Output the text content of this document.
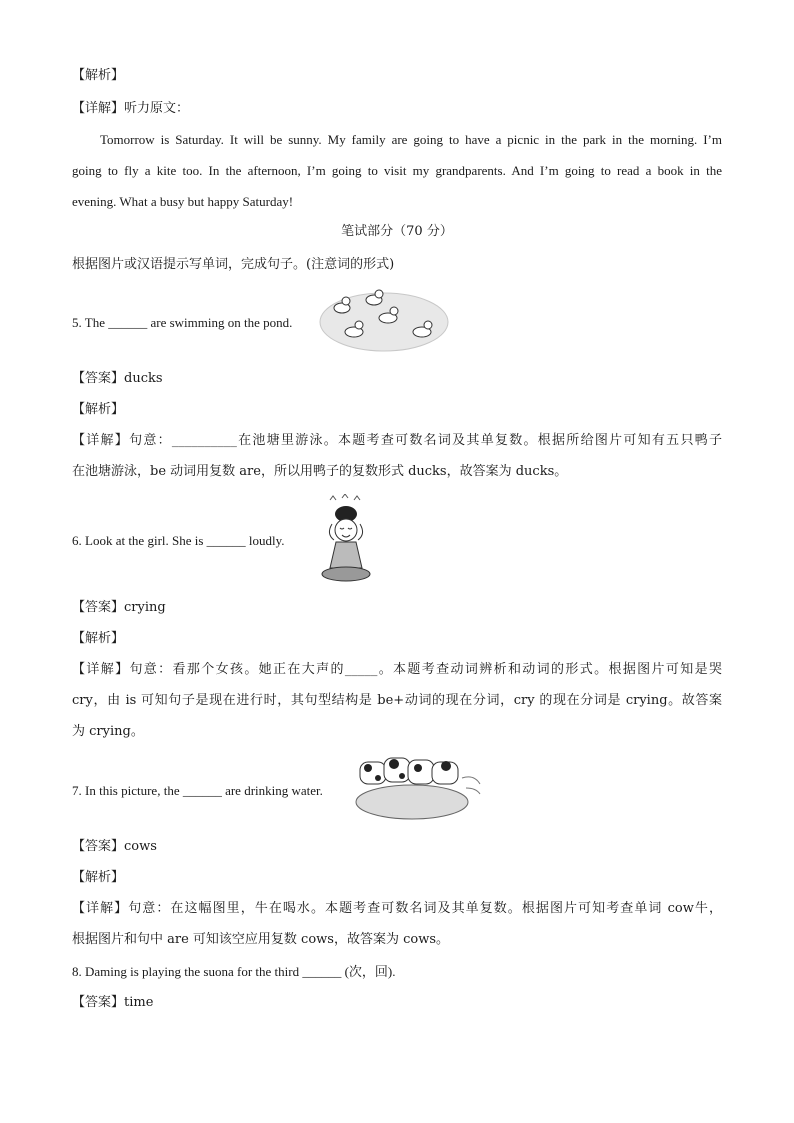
【解析】
【详解】听力原文：
Tomorrow is Saturday. It will be sunny. My family are going to have a picnic in the park in the morning. I’m
going to fly a kite too. In the afternoon, I’m going to visit my grandparents. And I’m going to read a book in the
evening. What a busy but happy Saturday!
笔试部分（70 分）
根据图片或汉语提示写单词，完成句子。(注意词的形式)
5. The ______ are swimming on the pond.
【答案】ducks
【解析】
【详解】句意：__________在池塘里游泳。本题考查可数名词及其单复数。根据所给图片可知有五只鸭子
在池塘游泳，be 动词用复数 are，所以用鸭子的复数形式 ducks，故答案为 ducks。
6. Look at the girl. She is ______ loudly.
【答案】crying
【解析】
【详解】句意：看那个女孩。她正在大声的_____。本题考查动词辨析和动词的形式。根据图片可知是哭
cry，由 is 可知句子是现在进行时，其句型结构是 be+动词的现在分词，cry 的现在分词是 crying。故答案
为 crying。
7. In this picture, the ______ are drinking water.
【答案】cows
【解析】
【详解】句意：在这幅图里，牛在喝水。本题考查可数名词及其单复数。根据图片可知考查单词 cow牛，
根据图片和句中 are 可知该空应用复数 cows，故答案为 cows。
8. Daming is playing the suona for the third ______ (次，回).
【答案】time
